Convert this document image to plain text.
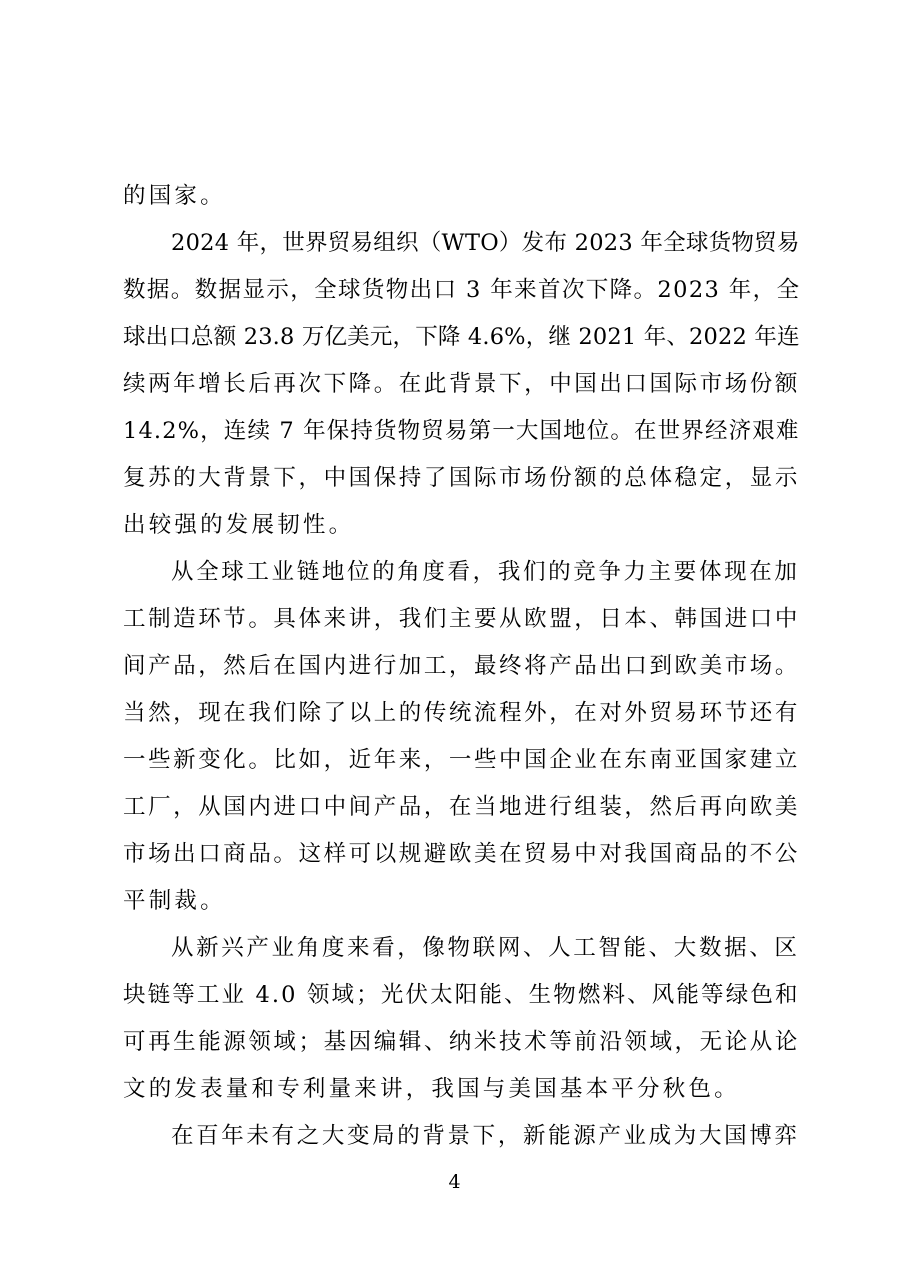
的国家。
2024 年，世界贸易组织（WTO）发布 2023 年全球货物贸易
数据。数据显示，全球货物出口 3 年来首次下降。2023 年，全
球出口总额 23.8 万亿美元，下降 4.6%，继 2021 年、2022 年连
续两年增长后再次下降。在此背景下，中国出口国际市场份额
14.2%，连续 7 年保持货物贸易第一大国地位。在世界经济艰难
复苏的大背景下，中国保持了国际市场份额的总体稳定，显示
出较强的发展韧性。
从全球工业链地位的角度看，我们的竞争力主要体现在加
工制造环节。具体来讲，我们主要从欧盟，日本、韩国进口中
间产品，然后在国内进行加工，最终将产品出口到欧美市场。
当然，现在我们除了以上的传统流程外，在对外贸易环节还有
一些新变化。比如，近年来，一些中国企业在东南亚国家建立
工厂，从国内进口中间产品，在当地进行组装，然后再向欧美
市场出口商品。这样可以规避欧美在贸易中对我国商品的不公
平制裁。
从新兴产业角度来看，像物联网、人工智能、大数据、区
块链等工业 4.0 领域；光伏太阳能、生物燃料、风能等绿色和
可再生能源领域；基因编辑、纳米技术等前沿领域，无论从论
文的发表量和专利量来讲，我国与美国基本平分秋色。
在百年未有之大变局的背景下，新能源产业成为大国博弈
4
